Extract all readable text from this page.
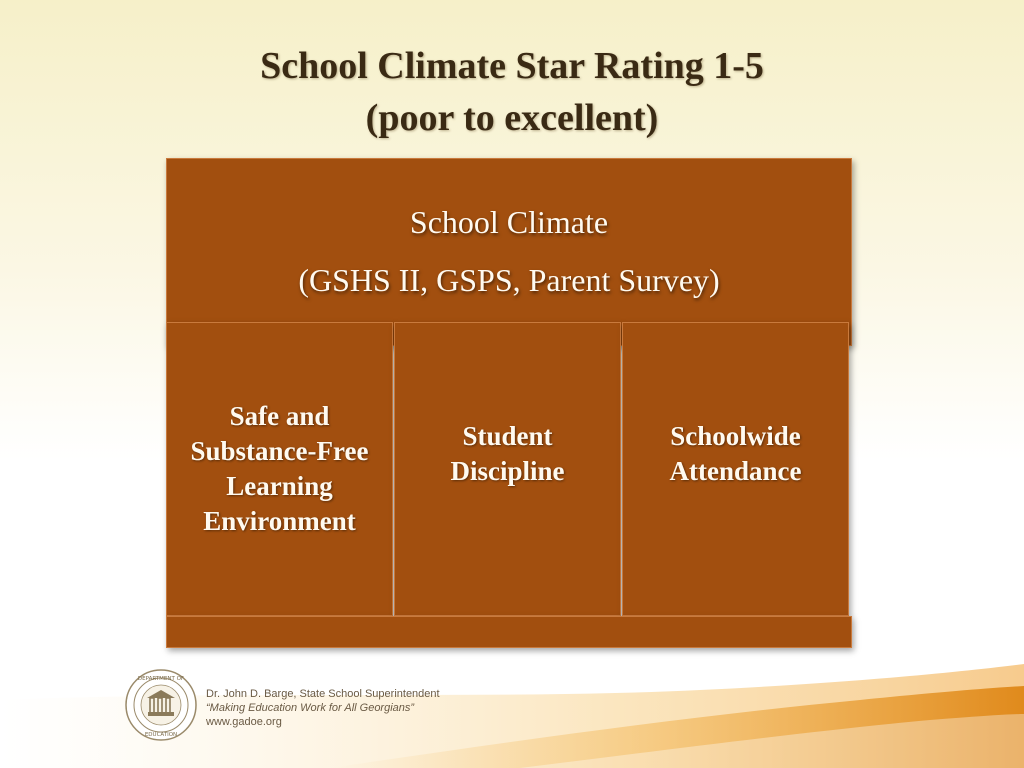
School Climate Star Rating 1-5
(poor to excellent)
School Climate
(GSHS II, GSPS, Parent Survey)
Safe and Substance-Free Learning Environment
Student Discipline
Schoolwide Attendance
DEPARTMENT OF
EDUCATION
Dr. John D. Barge, State School Superintendent
“Making Education Work for All Georgians”
www.gadoe.org
